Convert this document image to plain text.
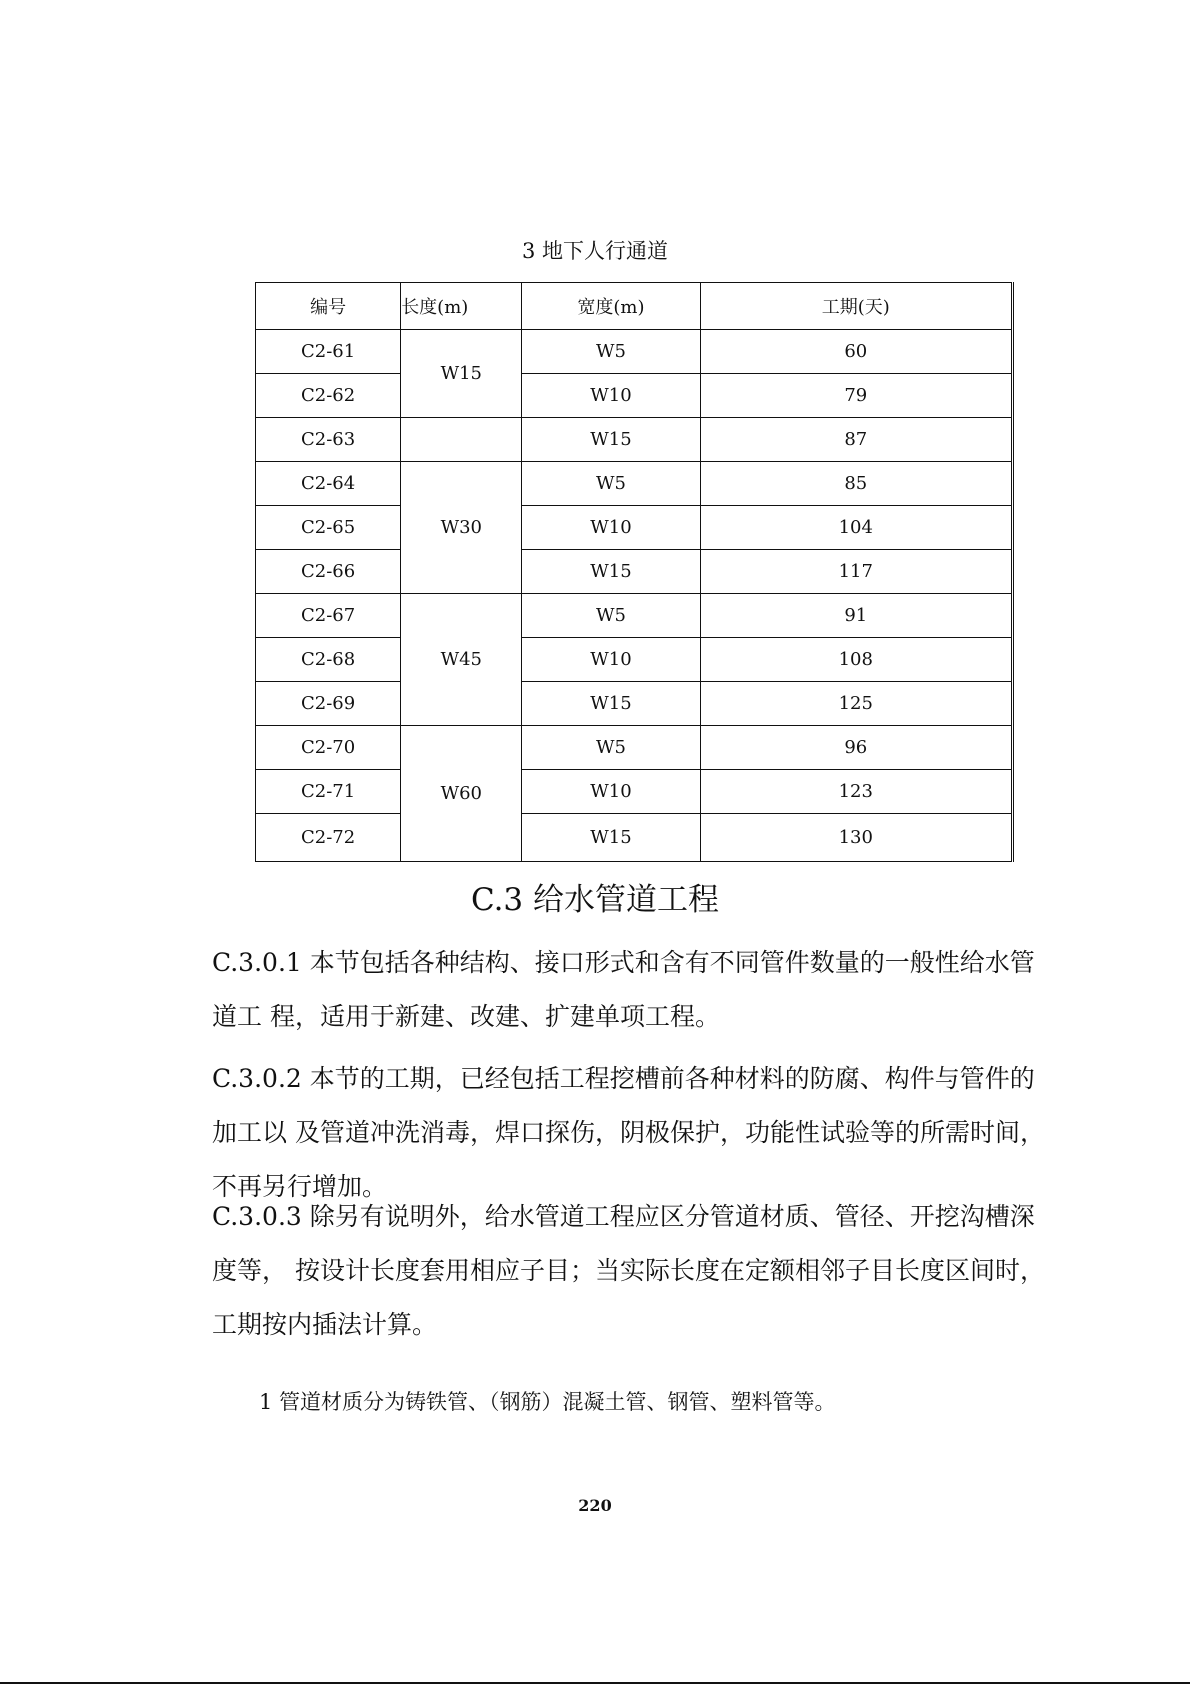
3 地下人行通道
编号	长度(m)	宽度(m)	工期(天)
C2-61	W15	W5	60
C2-62		W10	79
C2-63		W15	87
C2-64	W30	W5	85
C2-65		W10	104
C2-66		W15	117
C2-67	W45	W5	91
C2-68		W10	108
C2-69		W15	125
C2-70	W60	W5	96
C2-71		W10	123
C2-72		W15	130
C.3 给水管道工程

C.3.0.1 本节包括各种结构、接口形式和含有不同管件数量的一般性给水管道工 程，适用于新建、改建、扩建单项工程。

C.3.0.2 本节的工期，已经包括工程挖槽前各种材料的防腐、构件与管件的加工以 及管道冲洗消毒，焊口探伤，阴极保护，功能性试验等的所需时间，不再另行增加。

C.3.0.3 除另有说明外，给水管道工程应区分管道材质、管径、开挖沟槽深度等， 按设计长度套用相应子目；当实际长度在定额相邻子目长度区间时，工期按内插法计算。

1 管道材质分为铸铁管、（钢筋）混凝土管、钢管、塑料管等。

220
